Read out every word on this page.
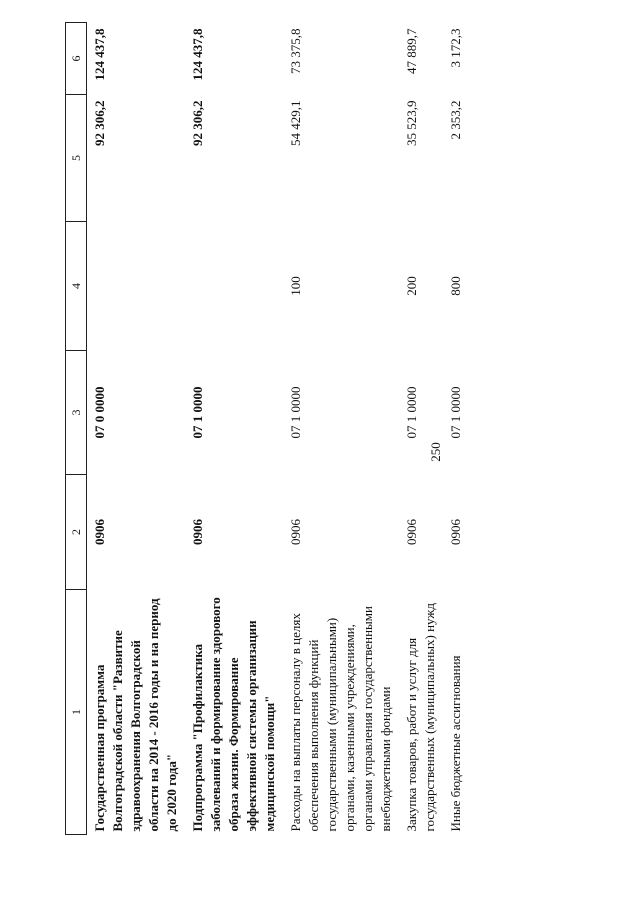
250
1	2	3	4	5	6
Государственная программа Волгоградской области "Развитие здравоохранения Волгоградской области на 2014 - 2016 годы и на период до 2020 года"	0906	07 0 0000		92 306,2	124 437,8
Подпрограмма "Профилактика заболеваний и формирование здорового образа жизни. Формирование эффективной системы организации медицинской помощи"	0906	07 1 0000		92 306,2	124 437,8
Расходы на выплаты персоналу в целях обеспечения выполнения функций государственными (муниципальными) органами, казенными учреждениями, органами управления государственными внебюджетными фондами	0906	07 1 0000	100	54 429,1	73 375,8
Закупка товаров, работ и услуг для государственных (муниципальных) нужд	0906	07 1 0000	200	35 523,9	47 889,7
Иные бюджетные ассигнования	0906	07 1 0000	800	2 353,2	3 172,3
